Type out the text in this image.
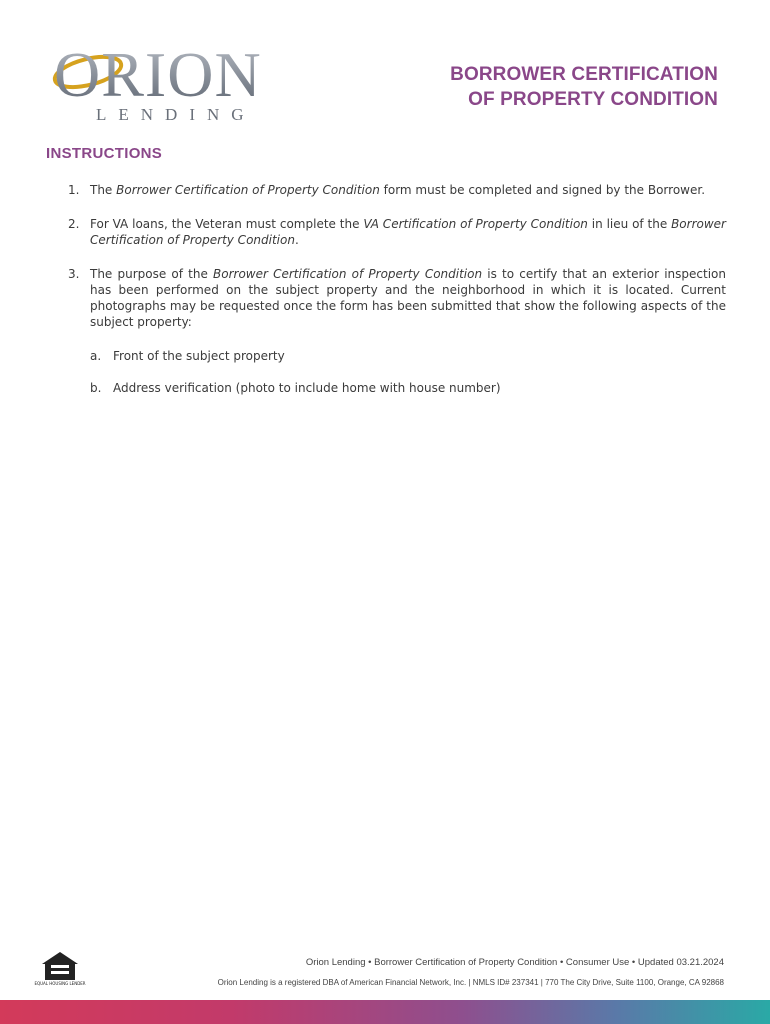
ORION
LENDING
BORROWER CERTIFICATION
OF PROPERTY CONDITION
INSTRUCTIONS
1. The Borrower Certification of Property Condition form must be completed and signed by the Borrower.
2. For VA loans, the Veteran must complete the VA Certification of Property Condition in lieu of the Borrower Certification of Property Condition.
3. The purpose of the Borrower Certification of Property Condition is to certify that an exterior inspection has been performed on the subject property and the neighborhood in which it is located. Current photographs may be requested once the form has been submitted that show the following aspects of the subject property:
a. Front of the subject property
b. Address verification (photo to include home with house number)
EQUAL HOUSING LENDER
Orion Lending • Borrower Certification of Property Condition • Consumer Use • Updated 03.21.2024
Orion Lending is a registered DBA of American Financial Network, Inc. | NMLS ID# 237341 | 770 The City Drive, Suite 1100, Orange, CA 92868
